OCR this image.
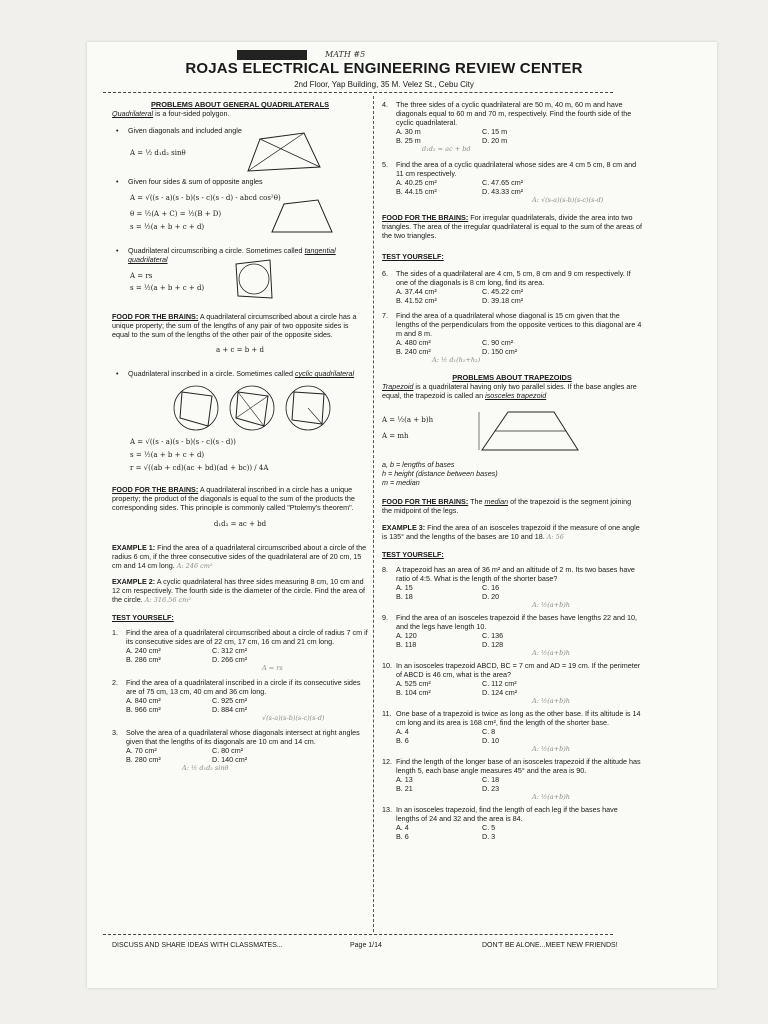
MATH #5
ROJAS ELECTRICAL ENGINEERING REVIEW CENTER
2nd Floor, Yap Building, 35 M. Velez St., Cebu City

PROBLEMS ABOUT GENERAL QUADRILATERALS

Quadrilateral is a four-sided polygon.

• Given diagonals and included angle

A = ½ d₁d₂ sinθ

• Given four sides & sum of opposite angles

A = √((s - a)(s - b)(s - c)(s - d) - abcd cos²θ)

θ = ½(A + C) = ½(B + D)

s = ½(a + b + c + d)

• Quadrilateral circumscribing a circle. Sometimes called tangential quadrilateral

A = rs

s = ½(a + b + c + d)

FOOD FOR THE BRAINS: A quadrilateral circumscribed about a circle has a unique property; the sum of the lengths of any pair of two opposite sides is equal to the sum of the lengths of the other pair of the opposite sides.

a + c = b + d

• Quadrilateral inscribed in a circle. Sometimes called cyclic quadrilateral

A = √((s - a)(s - b)(s - c)(s - d))

s = ½(a + b + c + d)

r = √((ab + cd)(ac + bd)(ad + bc)) / 4A

FOOD FOR THE BRAINS: A quadrilateral inscribed in a circle has a unique property; the product of the diagonals is equal to the sum of the products the corresponding sides. This principle is commonly called "Ptolemy's theorem".

d₁d₂ = ac + bd

EXAMPLE 1: Find the area of a quadrilateral circumscribed about a circle of the radius 6 cm, if the three consecutive sides of the quadrilateral are of 20 cm, 15 cm and 14 cm long. A: 246 cm²

EXAMPLE 2: A cyclic quadrilateral has three sides measuring 8 cm, 10 cm and 12 cm respectively. The fourth side is the diameter of the circle. Find the area of the circle. A: 316.56 cm²

TEST YOURSELF:

1. Find the area of a quadrilateral circumscribed about a circle of radius 7 cm if its consecutive sides are of 22 cm, 17 cm, 16 cm and 21 cm long.

A. 240 cm²	C. 312 cm²
B. 286 cm²	D. 266 cm²

A = rs

2. Find the area of a quadrilateral inscribed in a circle if its consecutive sides are of 75 cm, 13 cm, 40 cm and 36 cm long.

A. 840 cm²	C. 925 cm²
B. 966 cm²	D. 884 cm²

√(s-a)(s-b)(s-c)(s-d)

3. Solve the area of a quadrilateral whose diagonals intersect at right angles given that the lengths of its diagonals are 10 cm and 14 cm.

A. 70 cm²	C. 80 cm²
B. 280 cm²	D. 140 cm²

A: ½ d₁d₂ sinθ

4. The three sides of a cyclic quadrilateral are 50 m, 40 m, 60 m and have diagonals equal to 60 m and 70 m, respectively. Find the fourth side of the cyclic quadrilateral.

A. 30 m	C. 15 m
B. 25 m	D. 20 m

d₁d₂ = ac + bd

5. Find the area of a cyclic quadrilateral whose sides are 4 cm 5 cm, 8 cm and 11 cm respectively.

A. 40.25 cm²	C. 47.65 cm²
B. 44.15 cm²	D. 43.33 cm²

A: √(s-a)(s-b)(s-c)(s-d)

FOOD FOR THE BRAINS: For irregular quadrilaterals, divide the area into two triangles. The area of the irregular quadrilateral is equal to the sum of the areas of the two triangles.

TEST YOURSELF:

6. The sides of a quadrilateral are 4 cm, 5 cm, 8 cm and 9 cm respectively. If one of the diagonals is 8 cm long, find its area.

A. 37.44 cm²	C. 45.22 cm²
B. 41.52 cm²	D. 39.18 cm²

7. Find the area of a quadrilateral whose diagonal is 15 cm given that the lengths of the perpendiculars from the opposite vertices to this diagonal are 4 m and 8 m.

A. 480 cm²	C. 90 cm²
B. 240 cm²	D. 150 cm²

A: ½ d₁(h₁+h₂)

PROBLEMS ABOUT TRAPEZOIDS

Trapezoid is a quadrilateral having only two parallel sides. If the base angles are equal, the trapezoid is called an isosceles trapezoid

A = ½(a + b)h

A = mh

a, b = lengths of bases

h = height (distance between bases)

m = median

FOOD FOR THE BRAINS: The median of the trapezoid is the segment joining the midpoint of the legs.

EXAMPLE 3: Find the area of an isosceles trapezoid if the measure of one angle is 135° and the lengths of the bases are 10 and 18. A: 56

TEST YOURSELF:

8. A trapezoid has an area of 36 m² and an altitude of 2 m. Its two bases have ratio of 4:5. What is the length of the shorter base?

A. 15	C. 16
B. 18	D. 20

A: ½(a+b)h

9. Find the area of an isosceles trapezoid if the bases have lengths 22 and 10, and the legs have length 10.

A. 120	C. 136
B. 118	D. 128

A: ½(a+b)h

10. In an isosceles trapezoid ABCD, BC = 7 cm and AD = 19 cm. If the perimeter of ABCD is 46 cm, what is the area?

A. 525 cm²	C. 112 cm²
B. 104 cm²	D. 124 cm²

A: ½(a+b)h

11. One base of a trapezoid is twice as long as the other base. If its altitude is 14 cm long and its area is 168 cm², find the length of the shorter base.

A. 4	C. 8
B. 6	D. 10

A: ½(a+b)h

12. Find the length of the longer base of an isosceles trapezoid if the altitude has length 5, each base angle measures 45° and the area is 90.

A. 13	C. 18
B. 21	D. 23

A: ½(a+b)h

13. In an isosceles trapezoid, find the length of each leg if the bases have lengths of 24 and 32 and the area is 84.

A. 4	C. 5
B. 6	D. 3
DISCUSS AND SHARE IDEAS WITH CLASSMATES...	Page 1/14	DON'T BE ALONE...MEET NEW FRIENDS!
